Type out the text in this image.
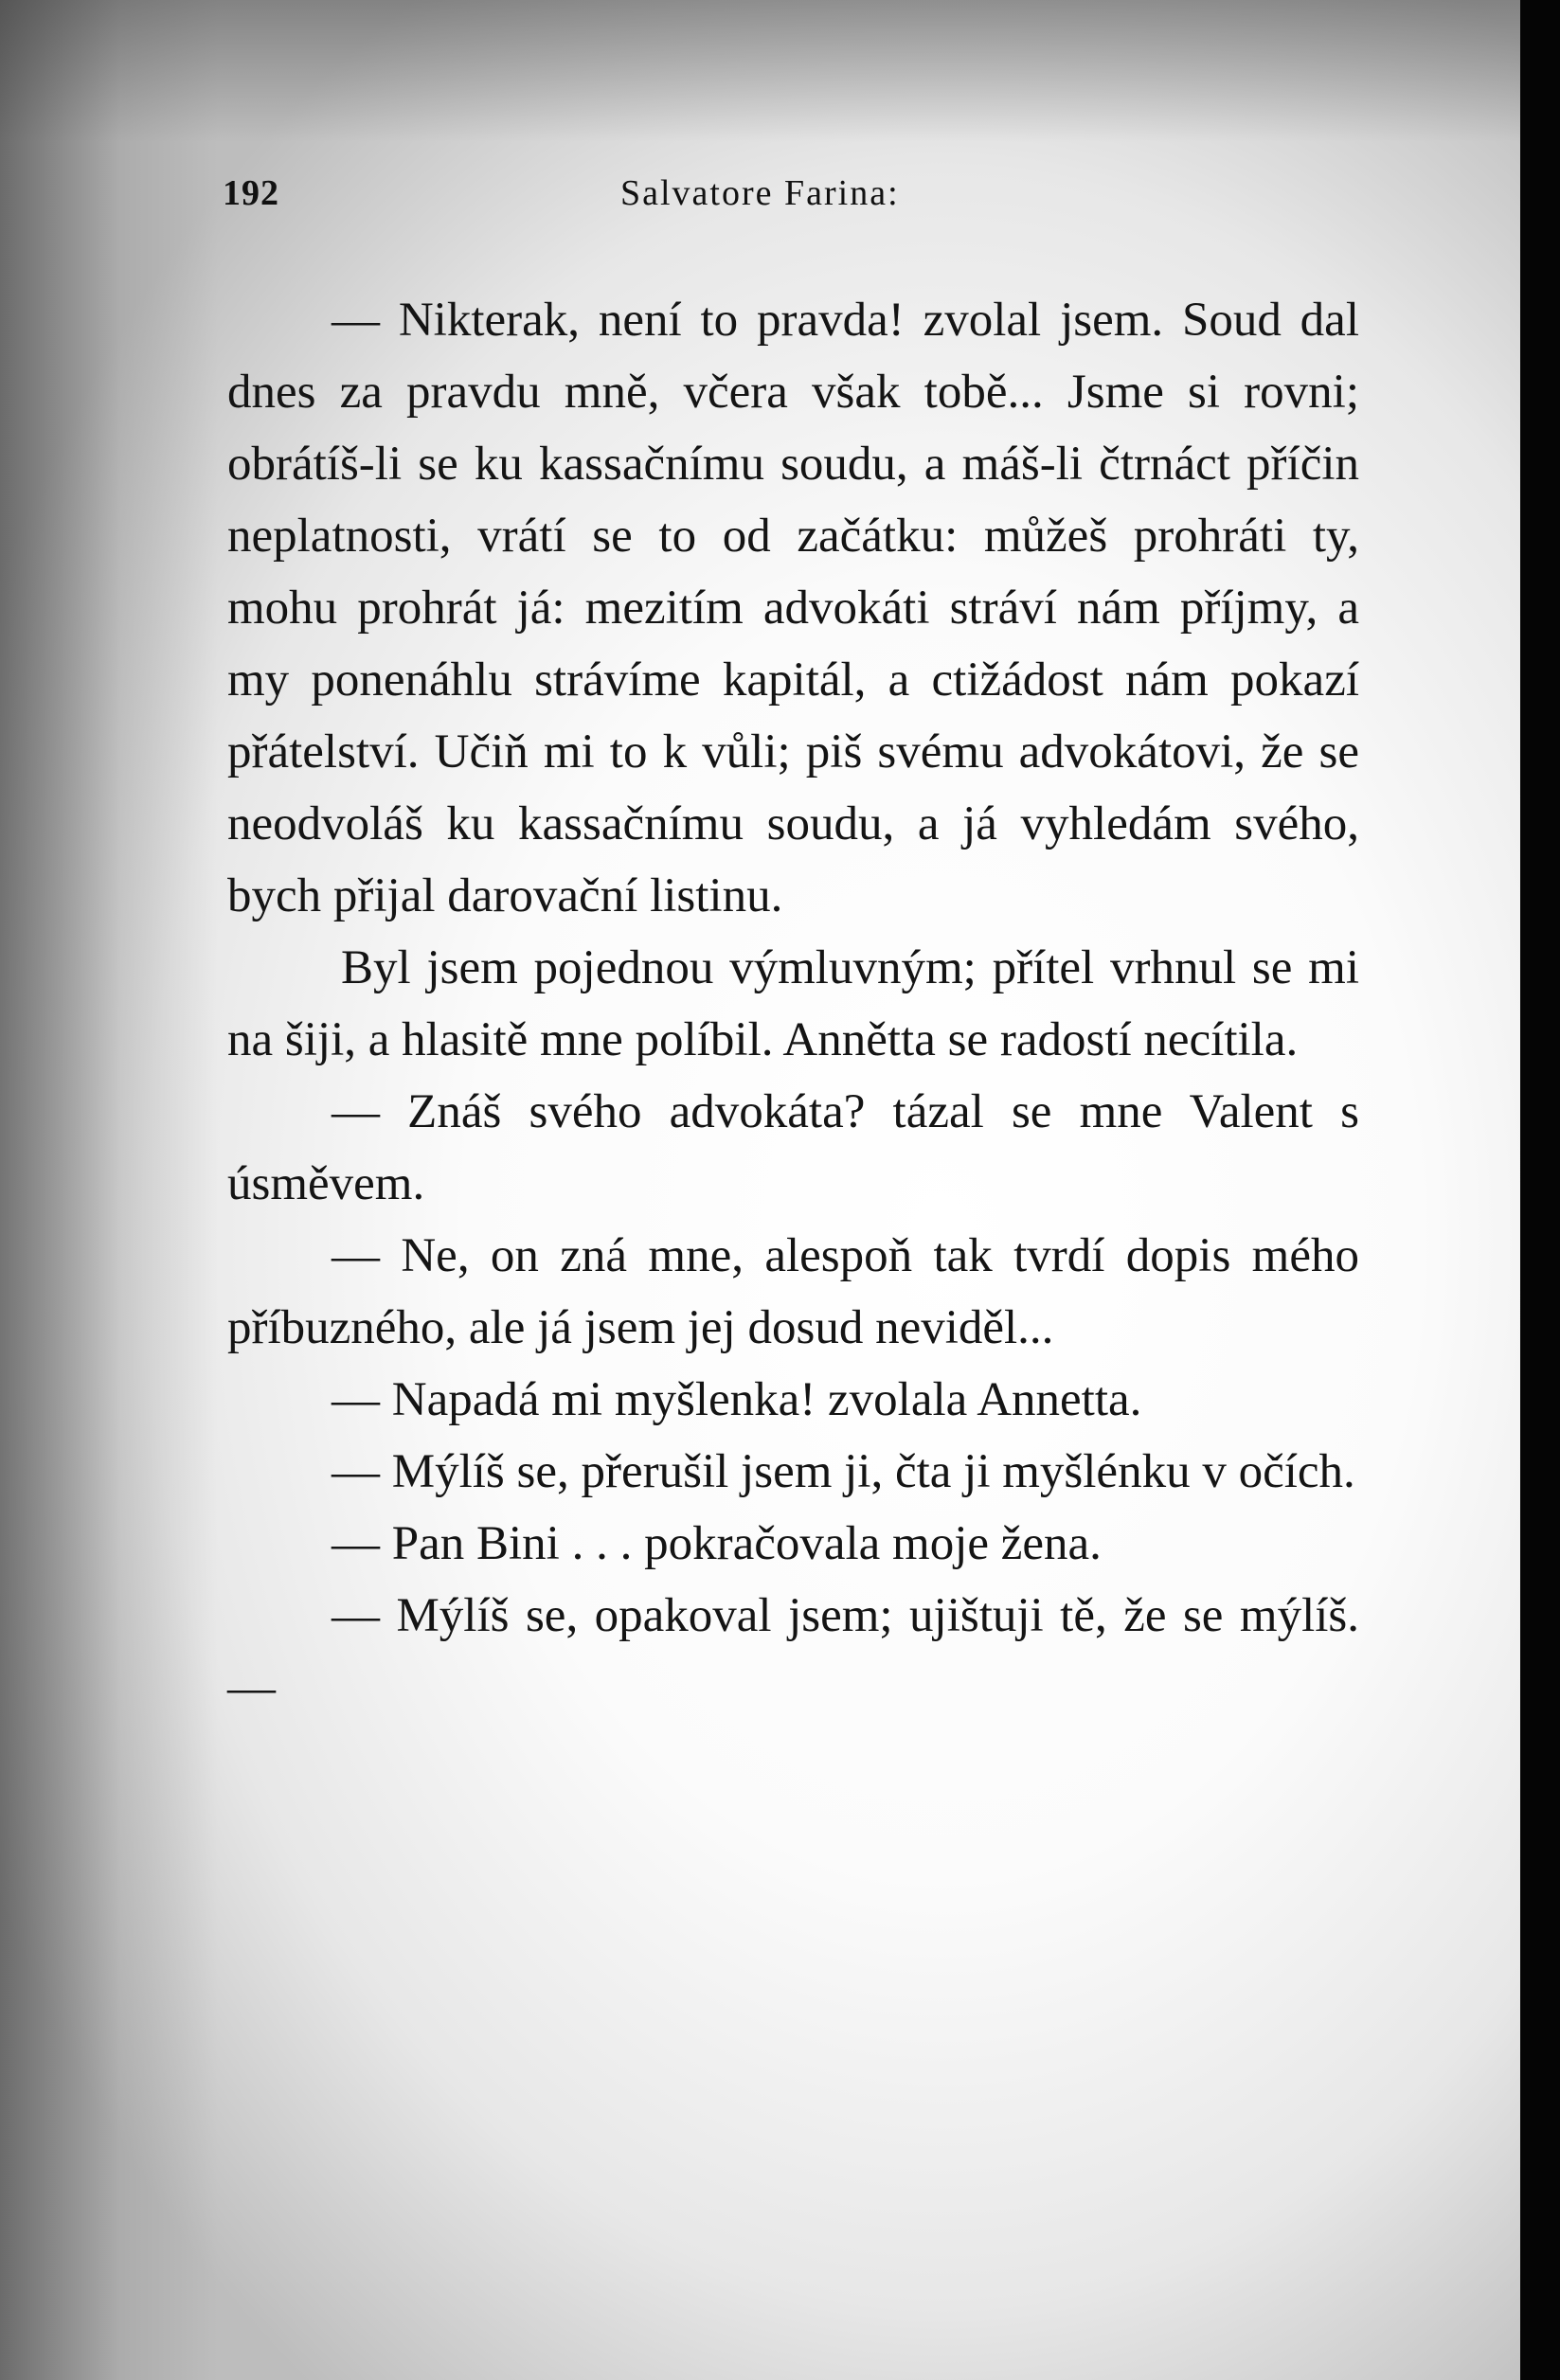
192	Salvatore Farina:

— Nikterak, není to pravda! zvolal jsem. Soud dal dnes za pravdu mně, včera však tobě... Jsme si rovni; obrátíš-li se ku kassačnímu soudu, a máš-li čtrnáct příčin neplatnosti, vrátí se to od začátku: můžeš prohráti ty, mohu prohrát já: mezitím advokáti stráví nám příjmy, a my ponenáhlu strávíme kapitál, a ctižádost nám pokazí přátelství. Učiň mi to k vůli; piš svému advokátovi, že se neodvoláš ku kassačnímu soudu, a já vyhledám svého, bych přijal darovační listinu.

Byl jsem pojednou výmluvným; přítel vrhnul se mi na šiji, a hlasitě mne políbil. Annětta se radostí necítila.

— Znáš svého advokáta? tázal se mne Valent s úsměvem.

— Ne, on zná mne, alespoň tak tvrdí dopis mého příbuzného, ale já jsem jej dosud neviděl...

— Napadá mi myšlenka! zvolala Annetta.

— Mýlíš se, přerušil jsem ji, čta ji myšlénku v očích.

— Pan Bini . . . pokračovala moje žena.

— Mýlíš se, opakoval jsem; ujištuji tě, že se mýlíš. —
